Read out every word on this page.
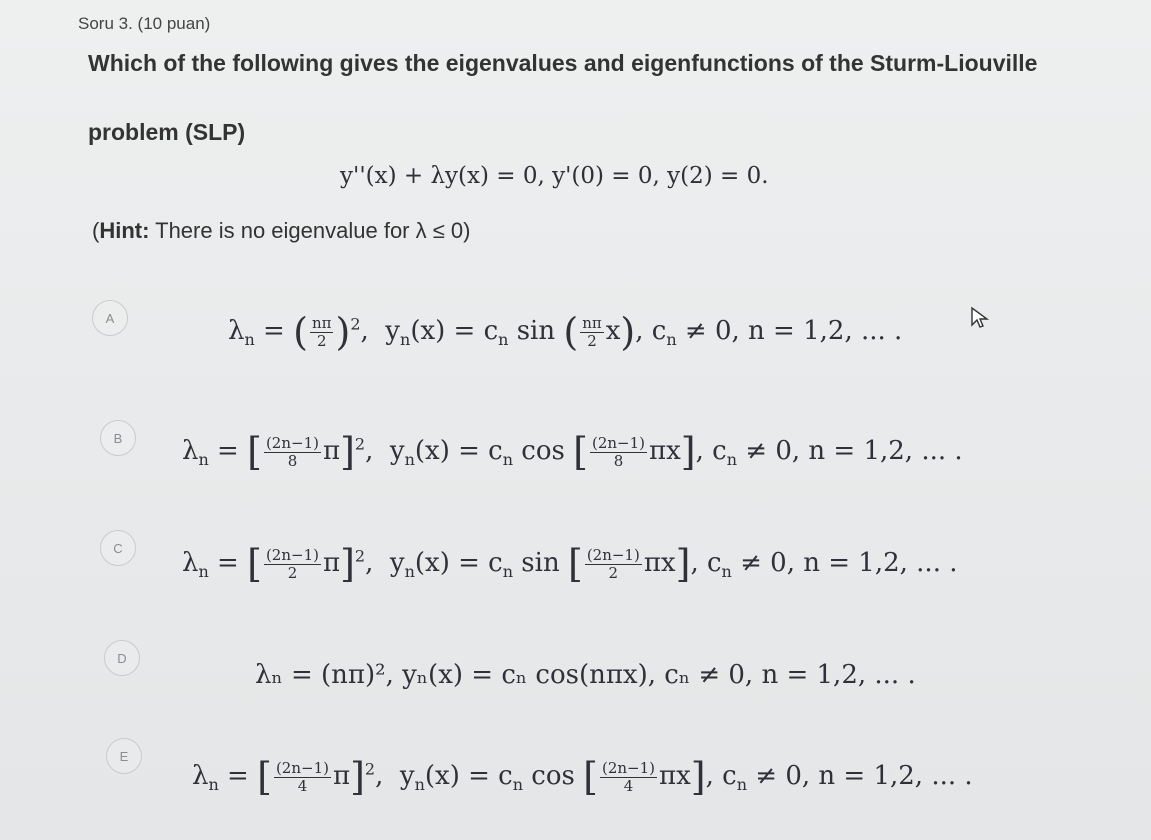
Soru 3. (10 puan)
Which of the following gives the eigenvalues and eigenfunctions of the Sturm-Liouville
problem (SLP)
y''(x) + λy(x) = 0, y'(0) = 0, y(2) = 0.
(Hint: There is no eigenvalue for λ ≤ 0)
A	$\lambda_n$ = ( $\frac{n\pi}{2} )^2$,  $y_n(x) = c_n$ sin ( $\frac{n\pi}{2} x$), $c_n \ne 0$, n = 1,2, ... .
B	$\lambda_n$ = [ $\frac{(2n-1)}{8} \pi]^2$,  $y_n(x) = c_n$ cos [ $\frac{(2n-1)}{8} \pi x$], $c_n \ne 0$, n = 1,2, ... .
C	$\lambda_n$ = [ $\frac{(2n-1)}{2} \pi]^2$,  $y_n(x) = c_n$ sin [ $\frac{(2n-1)}{2} \pi x$], $c_n \ne 0$, n = 1,2, ... .
D
λₙ = (nπ)², yₙ(x) = cₙ cos(nπx), cₙ ≠ 0, n = 1,2, ... .
E
$\lambda_n$ = [ $\frac{(2n-1)}{4} \pi]^2$,  $y_n(x) = c_n$ cos [ $\frac{(2n-1)}{4} \pi x$], $c_n \ne 0$, n = 1,2, ... .
